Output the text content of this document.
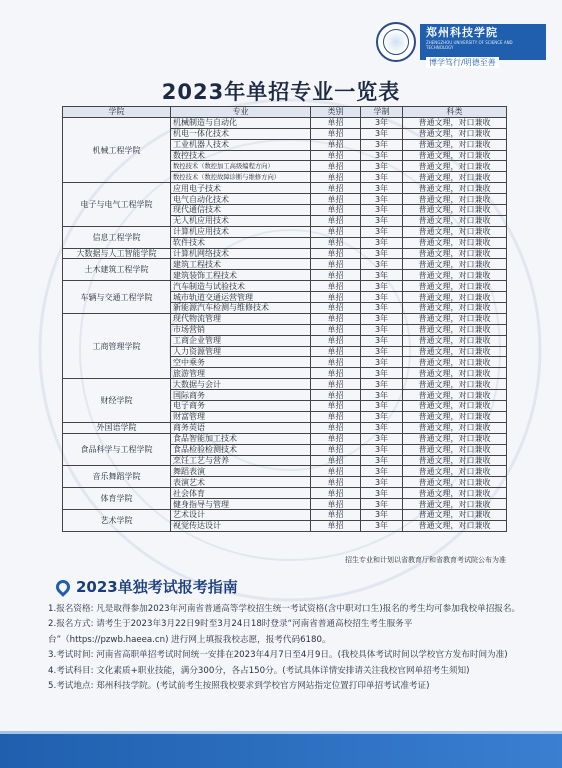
郑州科技学院
ZHENGZHOU UNIVERSITY OF SCIENCE AND TECHNOLOGY
博学笃行/明德至善
2023年单招专业一览表
学院	专业	类别	学制	科类
机械工程学院	机械制造与自动化	单招	3年	普通文理，对口兼收
	机电一体化技术	单招	3年	普通文理，对口兼收
	工业机器人技术	单招	3年	普通文理，对口兼收
	数控技术	单招	3年	普通文理，对口兼收
	数控技术（数控加工高级编程方向）	单招	3年	普通文理，对口兼收
	数控技术（数控故障诊断与维修方向）	单招	3年	普通文理，对口兼收
电子与电气工程学院	应用电子技术	单招	3年	普通文理，对口兼收
	电气自动化技术	单招	3年	普通文理，对口兼收
	现代通信技术	单招	3年	普通文理，对口兼收
	无人机应用技术	单招	3年	普通文理，对口兼收
信息工程学院	计算机应用技术	单招	3年	普通文理，对口兼收
	软件技术	单招	3年	普通文理，对口兼收
大数据与人工智能学院	计算机网络技术	单招	3年	普通文理，对口兼收
土木建筑工程学院	建筑工程技术	单招	3年	普通文理，对口兼收
	建筑装饰工程技术	单招	3年	普通文理，对口兼收
车辆与交通工程学院	汽车制造与试验技术	单招	3年	普通文理，对口兼收
	城市轨道交通运营管理	单招	3年	普通文理，对口兼收
	新能源汽车检测与维修技术	单招	3年	普通文理，对口兼收
工商管理学院	现代物流管理	单招	3年	普通文理，对口兼收
	市场营销	单招	3年	普通文理，对口兼收
	工商企业管理	单招	3年	普通文理，对口兼收
	人力资源管理	单招	3年	普通文理，对口兼收
	空中乘务	单招	3年	普通文理，对口兼收
	旅游管理	单招	3年	普通文理，对口兼收
财经学院	大数据与会计	单招	3年	普通文理，对口兼收
	国际商务	单招	3年	普通文理，对口兼收
	电子商务	单招	3年	普通文理，对口兼收
	财富管理	单招	3年	普通文理，对口兼收
外国语学院	商务英语	单招	3年	普通文理，对口兼收
食品科学与工程学院	食品智能加工技术	单招	3年	普通文理，对口兼收
	食品检验检测技术	单招	3年	普通文理，对口兼收
	烹饪工艺与营养	单招	3年	普通文理，对口兼收
音乐舞蹈学院	舞蹈表演	单招	3年	普通文理，对口兼收
	表演艺术	单招	3年	普通文理，对口兼收
体育学院	社会体育	单招	3年	普通文理，对口兼收
	健身指导与管理	单招	3年	普通文理，对口兼收
艺术学院	艺术设计	单招	3年	普通文理，对口兼收
	视觉传达设计	单招	3年	普通文理，对口兼收
招生专业和计划以省教育厅和省教育考试院公布为准
2023单独考试报考指南

1.报名资格: 凡是取得参加2023年河南省普通高等学校招生统一考试资格(含中职对口生)报名的考生均可参加我校单招报名。

2.报名方式: 请考生于2023年3月22日9时至3月24日18时登录“河南省普通高校招生考生服务平台”（https://pzwb.haeea.cn) 进行网上填报我校志愿，报考代码6180。

3.考试时间: 河南省高职单招考试时间统一安排在2023年4月7日至4月9日。(我校具体考试时间以学校官方发布时间为准)

4.考试科目: 文化素质+职业技能，满分300分，各占150分。(考试具体详情安排请关注我校官网单招考生须知)

5.考试地点: 郑州科技学院。(考试前考生按照我校要求到学校官方网站指定位置打印单招考试准考证)
